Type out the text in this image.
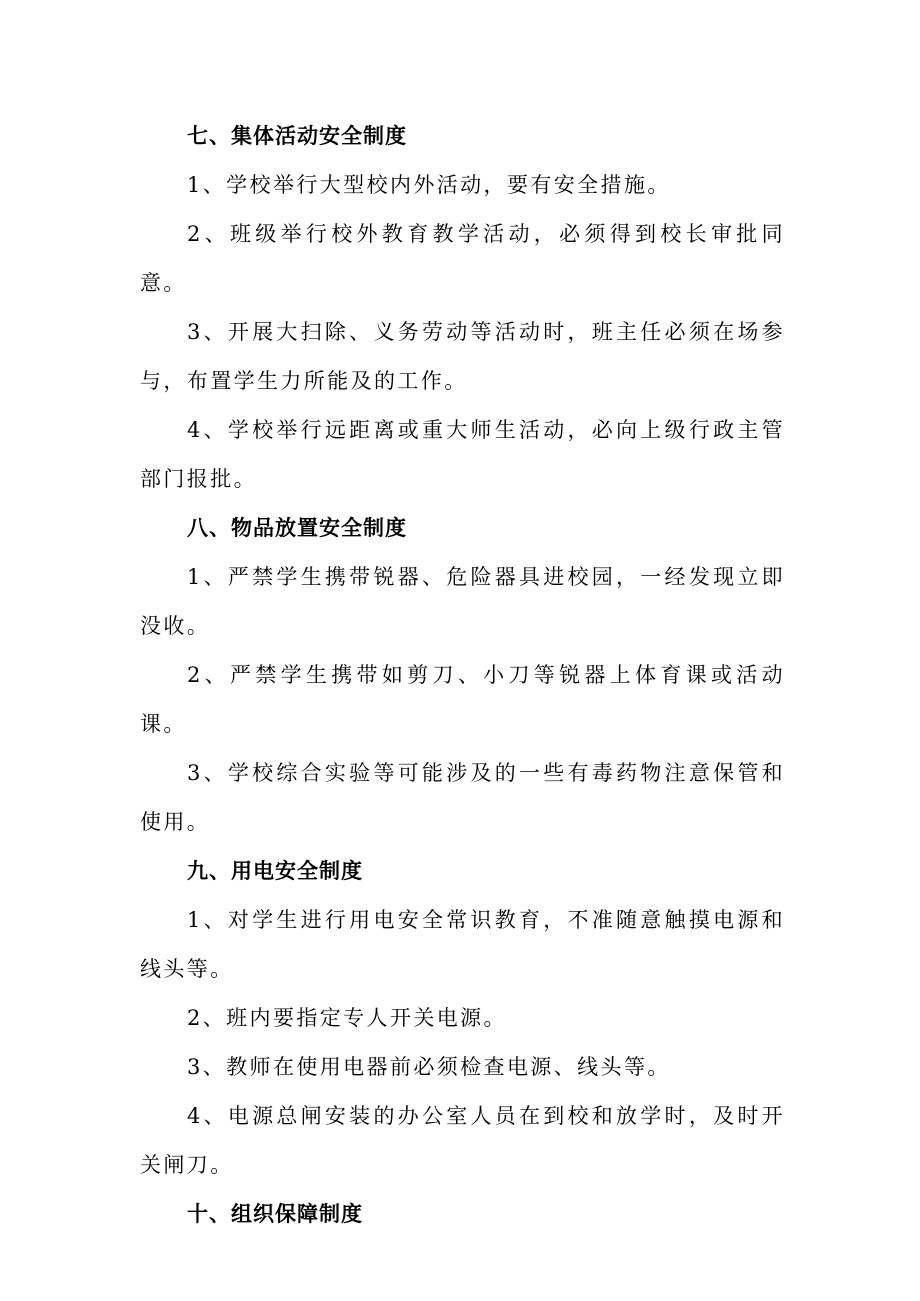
七、集体活动安全制度

1、学校举行大型校内外活动，要有安全措施。

2、班级举行校外教育教学活动，必须得到校长审批同意。

3、开展大扫除、义务劳动等活动时，班主任必须在场参与，布置学生力所能及的工作。

4、学校举行远距离或重大师生活动，必向上级行政主管部门报批。

八、物品放置安全制度

1、严禁学生携带锐器、危险器具进校园，一经发现立即没收。

2、严禁学生携带如剪刀、小刀等锐器上体育课或活动课。

3、学校综合实验等可能涉及的一些有毒药物注意保管和使用。

九、用电安全制度

1、对学生进行用电安全常识教育，不准随意触摸电源和线头等。

2、班内要指定专人开关电源。

3、教师在使用电器前必须检查电源、线头等。

4、电源总闸安装的办公室人员在到校和放学时，及时开关闸刀。

十、组织保障制度
